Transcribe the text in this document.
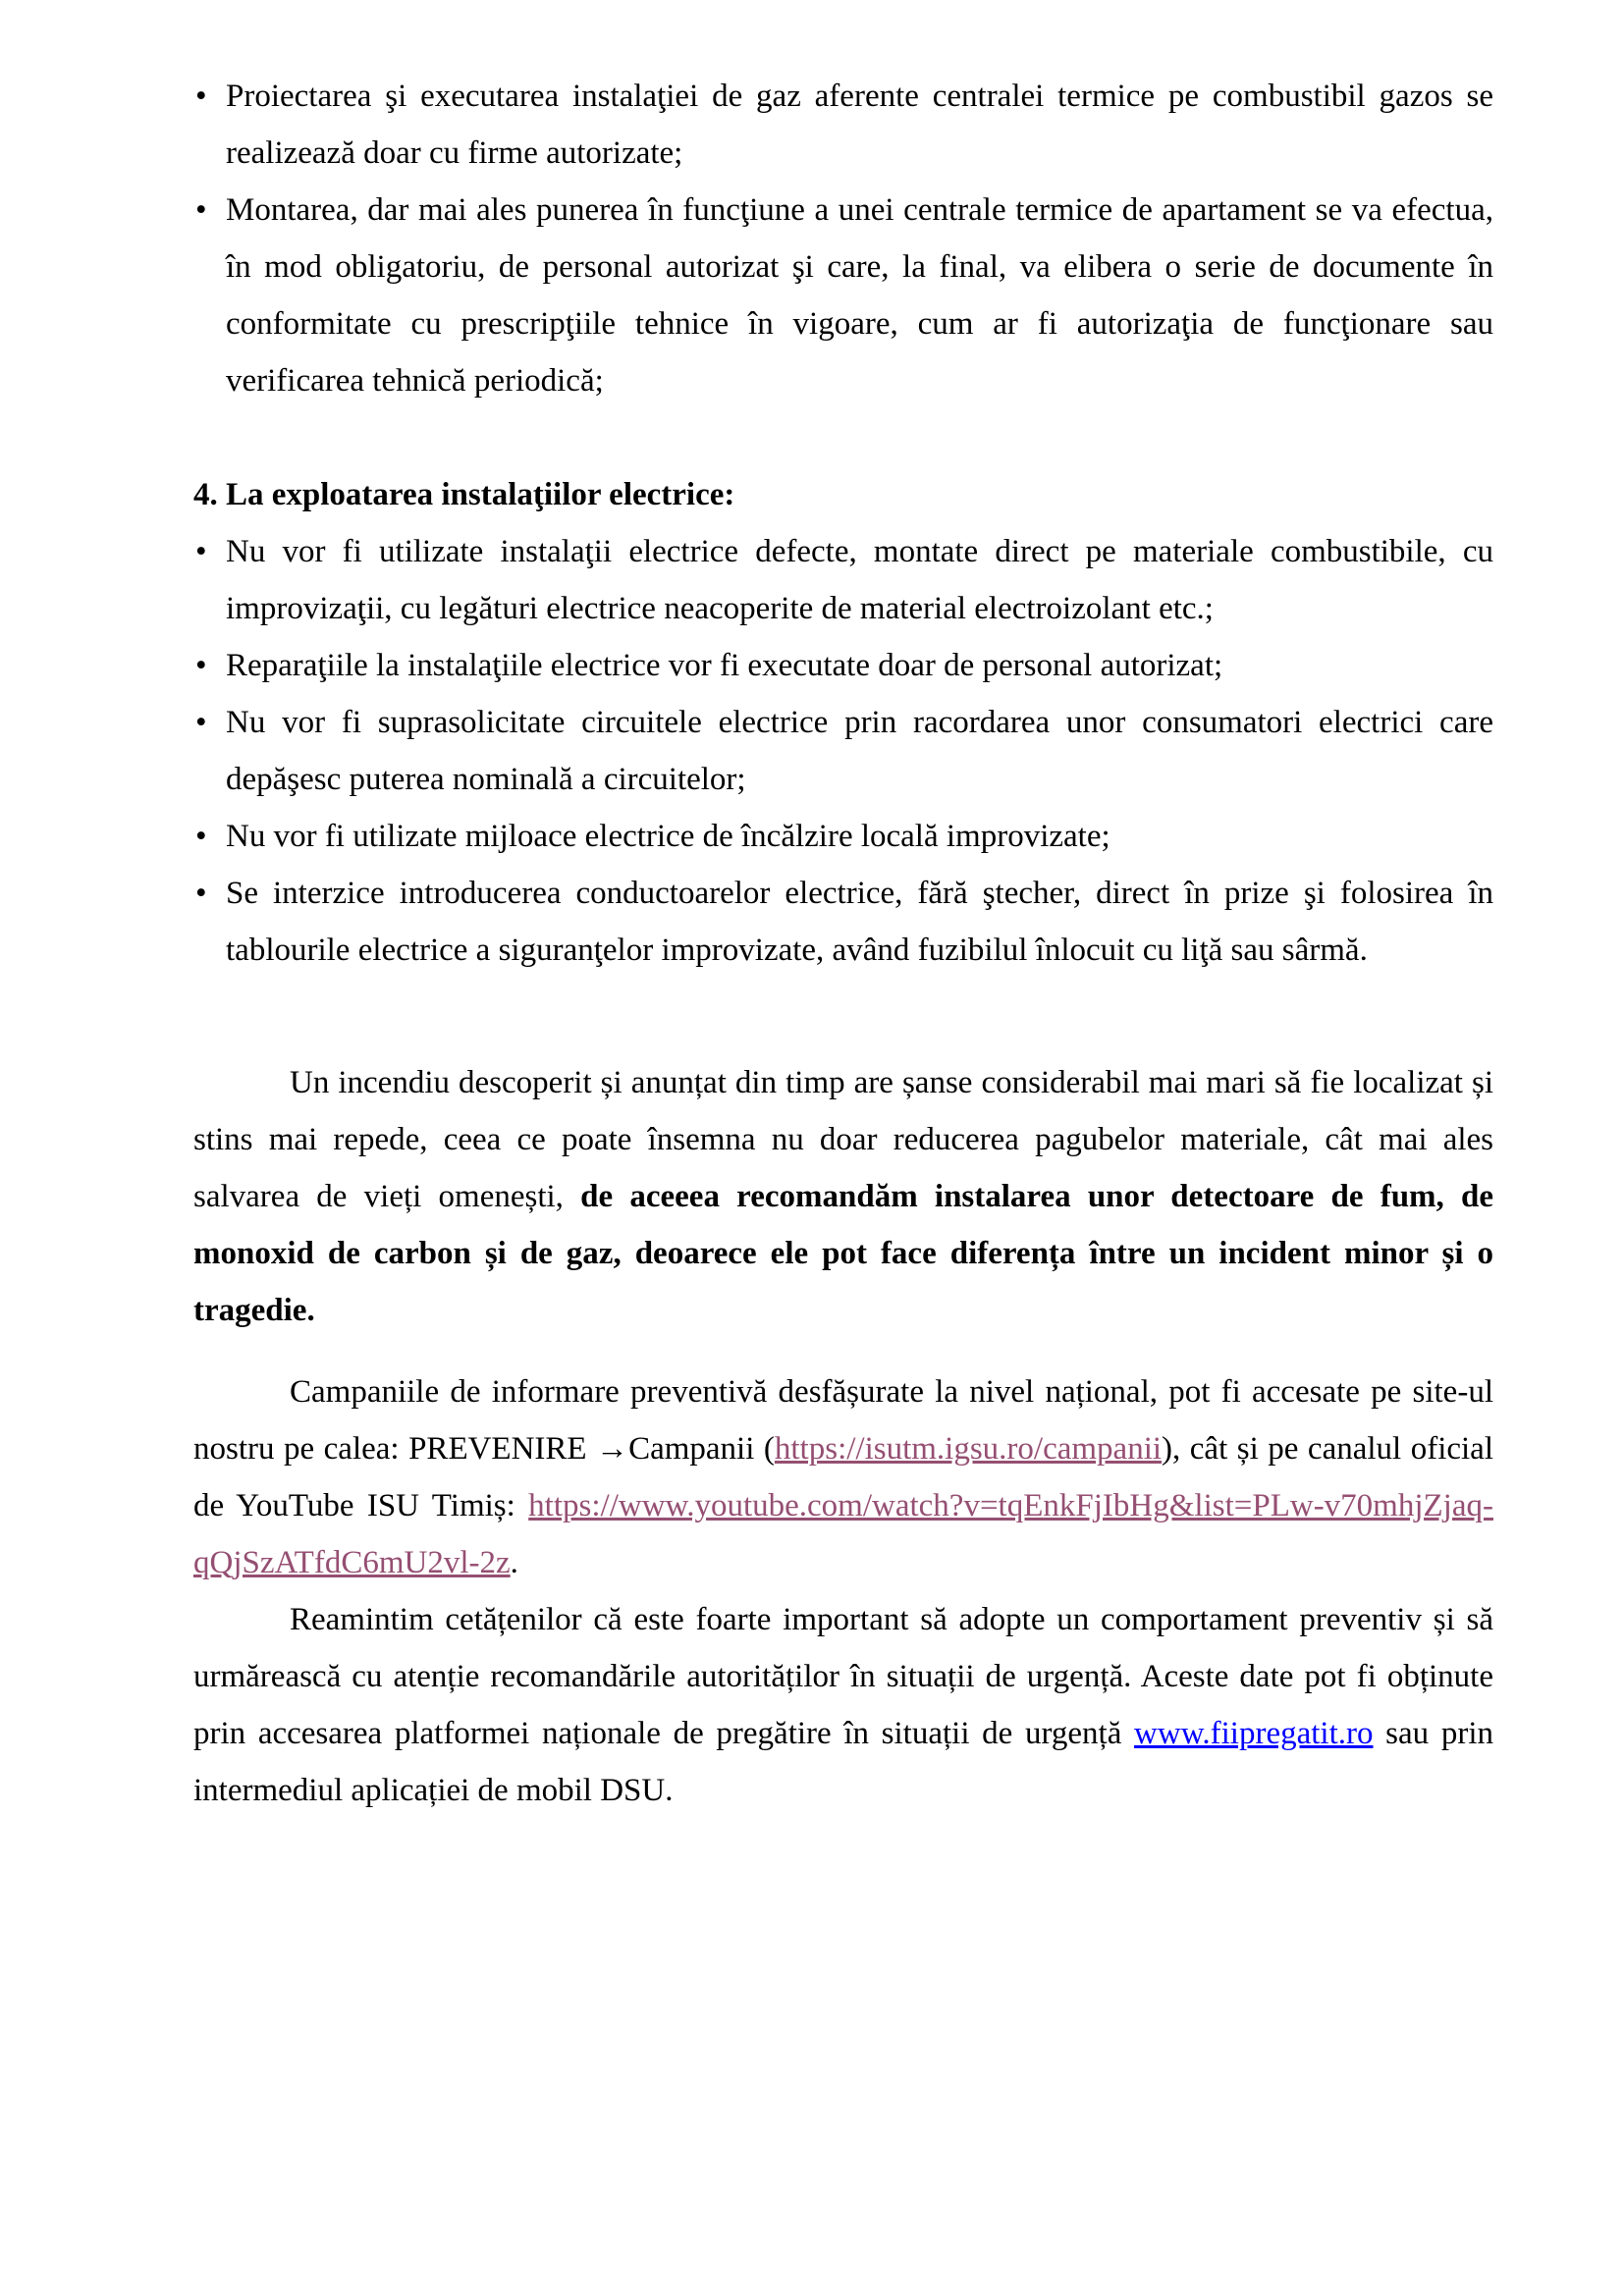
• Proiectarea şi executarea instalaţiei de gaz aferente centralei termice pe combustibil gazos se realizează doar cu firme autorizate;
• Montarea, dar mai ales punerea în funcţiune a unei centrale termice de apartament se va efectua, în mod obligatoriu, de personal autorizat şi care, la final, va elibera o serie de documente în conformitate cu prescripţiile tehnice în vigoare, cum ar fi autorizaţia de funcţionare sau verificarea tehnică periodică;

4. La exploatarea instalaţiilor electrice:

• Nu vor fi utilizate instalaţii electrice defecte, montate direct pe materiale combustibile, cu improvizaţii, cu legături electrice neacoperite de material electroizolant etc.;
• Reparaţiile la instalaţiile electrice vor fi executate doar de personal autorizat;
• Nu vor fi suprasolicitate circuitele electrice prin racordarea unor consumatori electrici care depăşesc puterea nominală a circuitelor;
• Nu vor fi utilizate mijloace electrice de încălzire locală improvizate;
• Se interzice introducerea conductoarelor electrice, fără ştecher, direct în prize şi folosirea în tablourile electrice a siguranţelor improvizate, având fuzibilul înlocuit cu liţă sau sârmă.

Un incendiu descoperit și anunțat din timp are șanse considerabil mai mari să fie localizat și stins mai repede, ceea ce poate însemna nu doar reducerea pagubelor materiale, cât mai ales salvarea de vieți omenești, de aceeea recomandăm instalarea unor detectoare de fum, de monoxid de carbon și de gaz, deoarece ele pot face diferența între un incident minor și o tragedie.

Campaniile de informare preventivă desfășurate la nivel național, pot fi accesate pe site-ul nostru pe calea: PREVENIRE →Campanii (https://isutm.igsu.ro/campanii), cât și pe canalul oficial de YouTube ISU Timiș: https://www.youtube.com/watch?v=tqEnkFjIbHg&list=PLw-v70mhjZjaq-qQjSzATfdC6mU2vl-2z.

Reamintim cetățenilor că este foarte important să adopte un comportament preventiv și să urmărească cu atenție recomandările autorităților în situații de urgență. Aceste date pot fi obținute prin accesarea platformei naționale de pregătire în situații de urgență www.fiipregatit.ro sau prin intermediul aplicației de mobil DSU.
